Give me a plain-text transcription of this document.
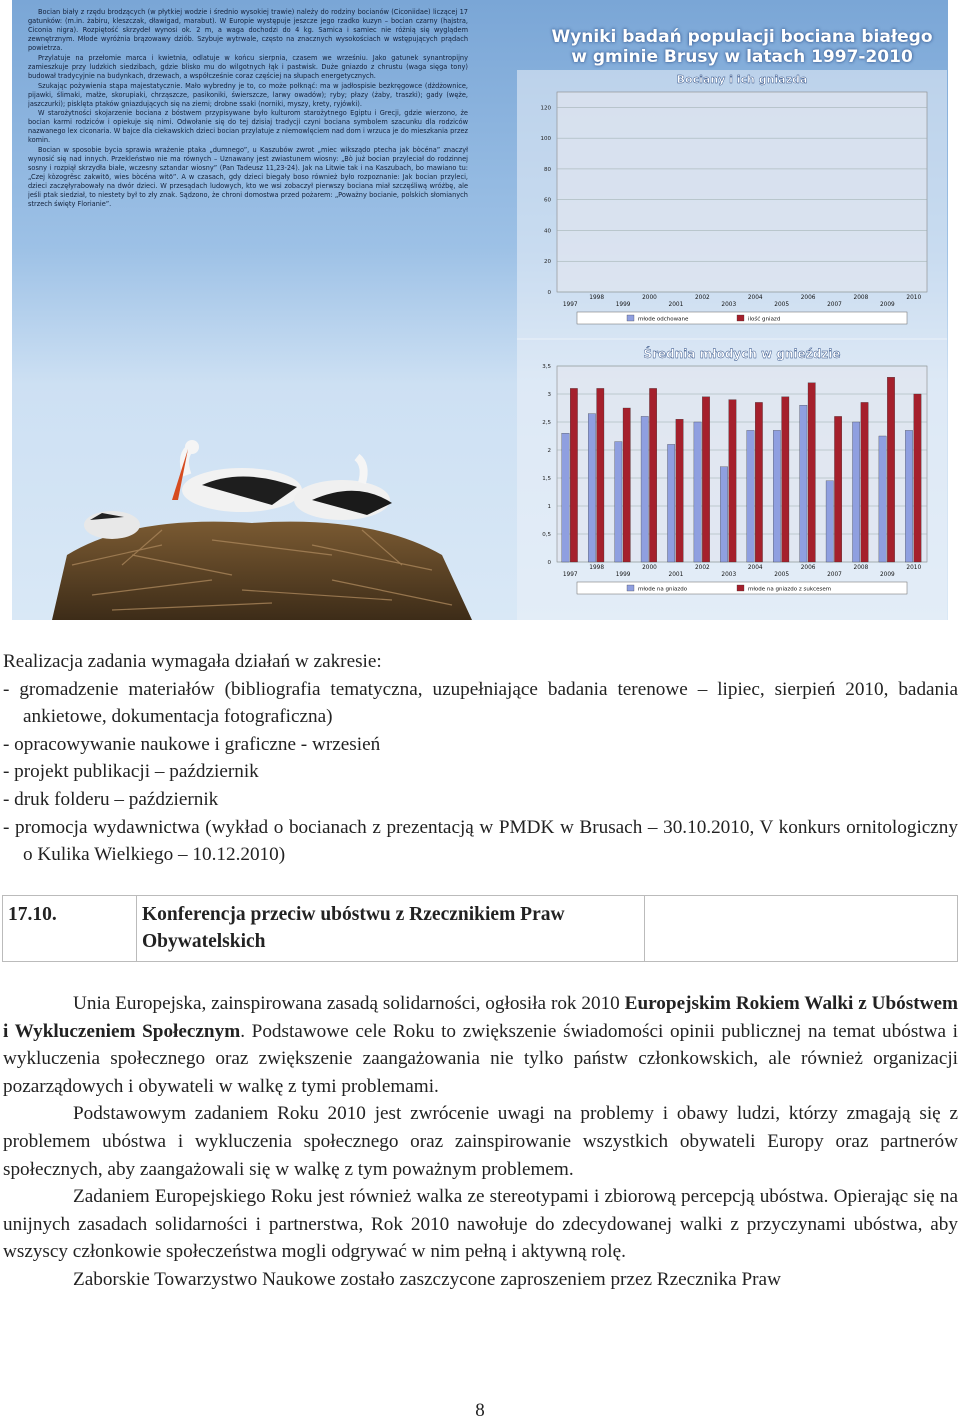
Bocian biały z rzędu brodzących (w płytkiej wodzie i średnio wysokiej trawie) należy do rodziny bocianów (Ciconiidae) liczącej 17 gatunków: (m.in. żabiru, kleszczak, dławigad, marabut). W Europie występuje jeszcze jego rzadko kuzyn – bocian czarny (hajstra, Ciconia nigra). Rozpiętość skrzydeł wynosi ok. 2 m, a waga dochodzi do 4 kg. Samica i samiec nie różnią się wyglądem zewnętrznym. Młode wyróżnia brązowawy dziób. Szybuje wytrwale, często na znacznych wysokościach w wstępujących prądach powietrza.

Przylatuje na przełomie marca i kwietnia, odlatuje w końcu sierpnia, czasem we wrześniu. Jako gatunek synantropijny zamieszkuje przy ludzkich siedzibach, gdzie blisko mu do wilgotnych łąk i pastwisk. Duże gniazdo z chrustu (waga sięga tony) budował tradycyjnie na budynkach, drzewach, a współcześnie coraz częściej na słupach energetycznych.

Szukając pożywienia stąpa majestatycznie. Mało wybredny je to, co może połknąć: ma w jadłospisie bezkręgowce (dżdżownice, pijawki, ślimaki, małże, skorupiaki, chrząszcze, pasikoniki, świerszcze, larwy owadów); ryby; płazy (żaby, traszki); gady (węże, jaszczurki); pisklęta ptaków gniazdujących się na ziemi; drobne ssaki (norniki, myszy, krety, ryjówki).

W starożytności skojarzenie bociana z bóstwem przypisywane było kulturom starożytnego Egiptu i Grecji, gdzie wierzono, że bocian karmi rodziców i opiekuje się nimi. Odwołanie się do tej dzisiaj tradycji czyni bociana symbolem szacunku dla rodziców nazwanego lex ciconaria. W bajce dla ciekawskich dzieci bocian przylatuje z niemowlęciem nad dom i wrzuca je do mieszkania przez komin.

Bocian w sposobie bycia sprawia wrażenie ptaka „dumnego”, u Kaszubów zwrot „miec wiksządo ptecha jak bòcéna” znaczył wynosić się nad innych. Przekleństwo nie ma równych – Uznawany jest zwiastunem wiosny: „Bò już bocian przyleciał do rodzinnej sosny i rozpiął skrzydła białe, wczesny sztandar wiosny” (Pan Tadeusz 11,23-24). Jak na Litwie tak i na Kaszubach, bo mawiano tu: „Czej kòzogrësc zakwitō, wies bòcéna witō”. A w czasach, gdy dzieci biegały boso również było rozpoznanie: Jak bocian przyleci, dzieci zaczęłyrabowały na dwór dzieci. W przesądach ludowych, kto we wsi zobaczył pierwszy bociana miał szczęśliwą wróżbę, ale jeśli ptak siedział, to niestety był to zły znak. Sądzono, że chroni domostwa przed pożarem: „Poważny bocianie, polskich słomianych strzech święty Florianie”.

Wyniki badań populacji bociana białego
w gminie Brusy w latach 1997-2010
Bociany i ich gniazda
0
20
40
60
80
100
120
1998	2000	2002	2004	2006	2008	2010
1997	1999	2001	2003	2005	2007	2009
młode odchowane	ilość gniazd
Średnia młodych w gnieździe
0
0,5
1
1,5
2
2,5
3
3,5
1998	2000	2002	2004	2006	2008	2010
1997	1999	2001	2003	2005	2007	2009
młode na gniazdo	młode na gniazdo z sukcesem

Realizacja zadania wymagała działań w zakresie:

- gromadzenie materiałów (bibliografia tematyczna, uzupełniające badania terenowe – lipiec, sierpień 2010, badania ankietowe, dokumentacja fotograficzna)

- opracowywanie naukowe i graficzne - wrzesień

- projekt publikacji – październik

- druk folderu – październik

- promocja wydawnictwa (wykład o bocianach z prezentacją w PMDK w Brusach – 30.10.2010, V konkurs ornitologiczny o Kulika Wielkiego – 10.12.2010)

17.10.	Konferencja przeciw ubóstwu z Rzecznikiem Praw Obywatelskich	

Unia Europejska, zainspirowana zasadą solidarności, ogłosiła rok 2010 Europejskim Rokiem Walki z Ubóstwem i Wykluczeniem Społecznym. Podstawowe cele Roku to zwiększenie świadomości opinii publicznej na temat ubóstwa i wykluczenia społecznego oraz zwiększenie zaangażowania nie tylko państw członkowskich, ale również organizacji pozarządowych i obywateli w walkę z tymi problemami.

Podstawowym zadaniem Roku 2010 jest zwrócenie uwagi na problemy i obawy ludzi, którzy zmagają się z problemem ubóstwa i wykluczenia społecznego oraz zainspirowanie wszystkich obywateli Europy oraz partnerów społecznych, aby zaangażowali się w walkę z tym poważnym problemem.

Zadaniem Europejskiego Roku jest również walka ze stereotypami i zbiorową percepcją ubóstwa. Opierając się na unijnych zasadach solidarności i partnerstwa, Rok 2010 nawołuje do zdecydowanej walki z przyczynami ubóstwa, aby wszyscy członkowie społeczeństwa mogli odgrywać w nim pełną i aktywną rolę.

Zaborskie Towarzystwo Naukowe zostało zaszczycone zaproszeniem przez Rzecznika Praw

8
